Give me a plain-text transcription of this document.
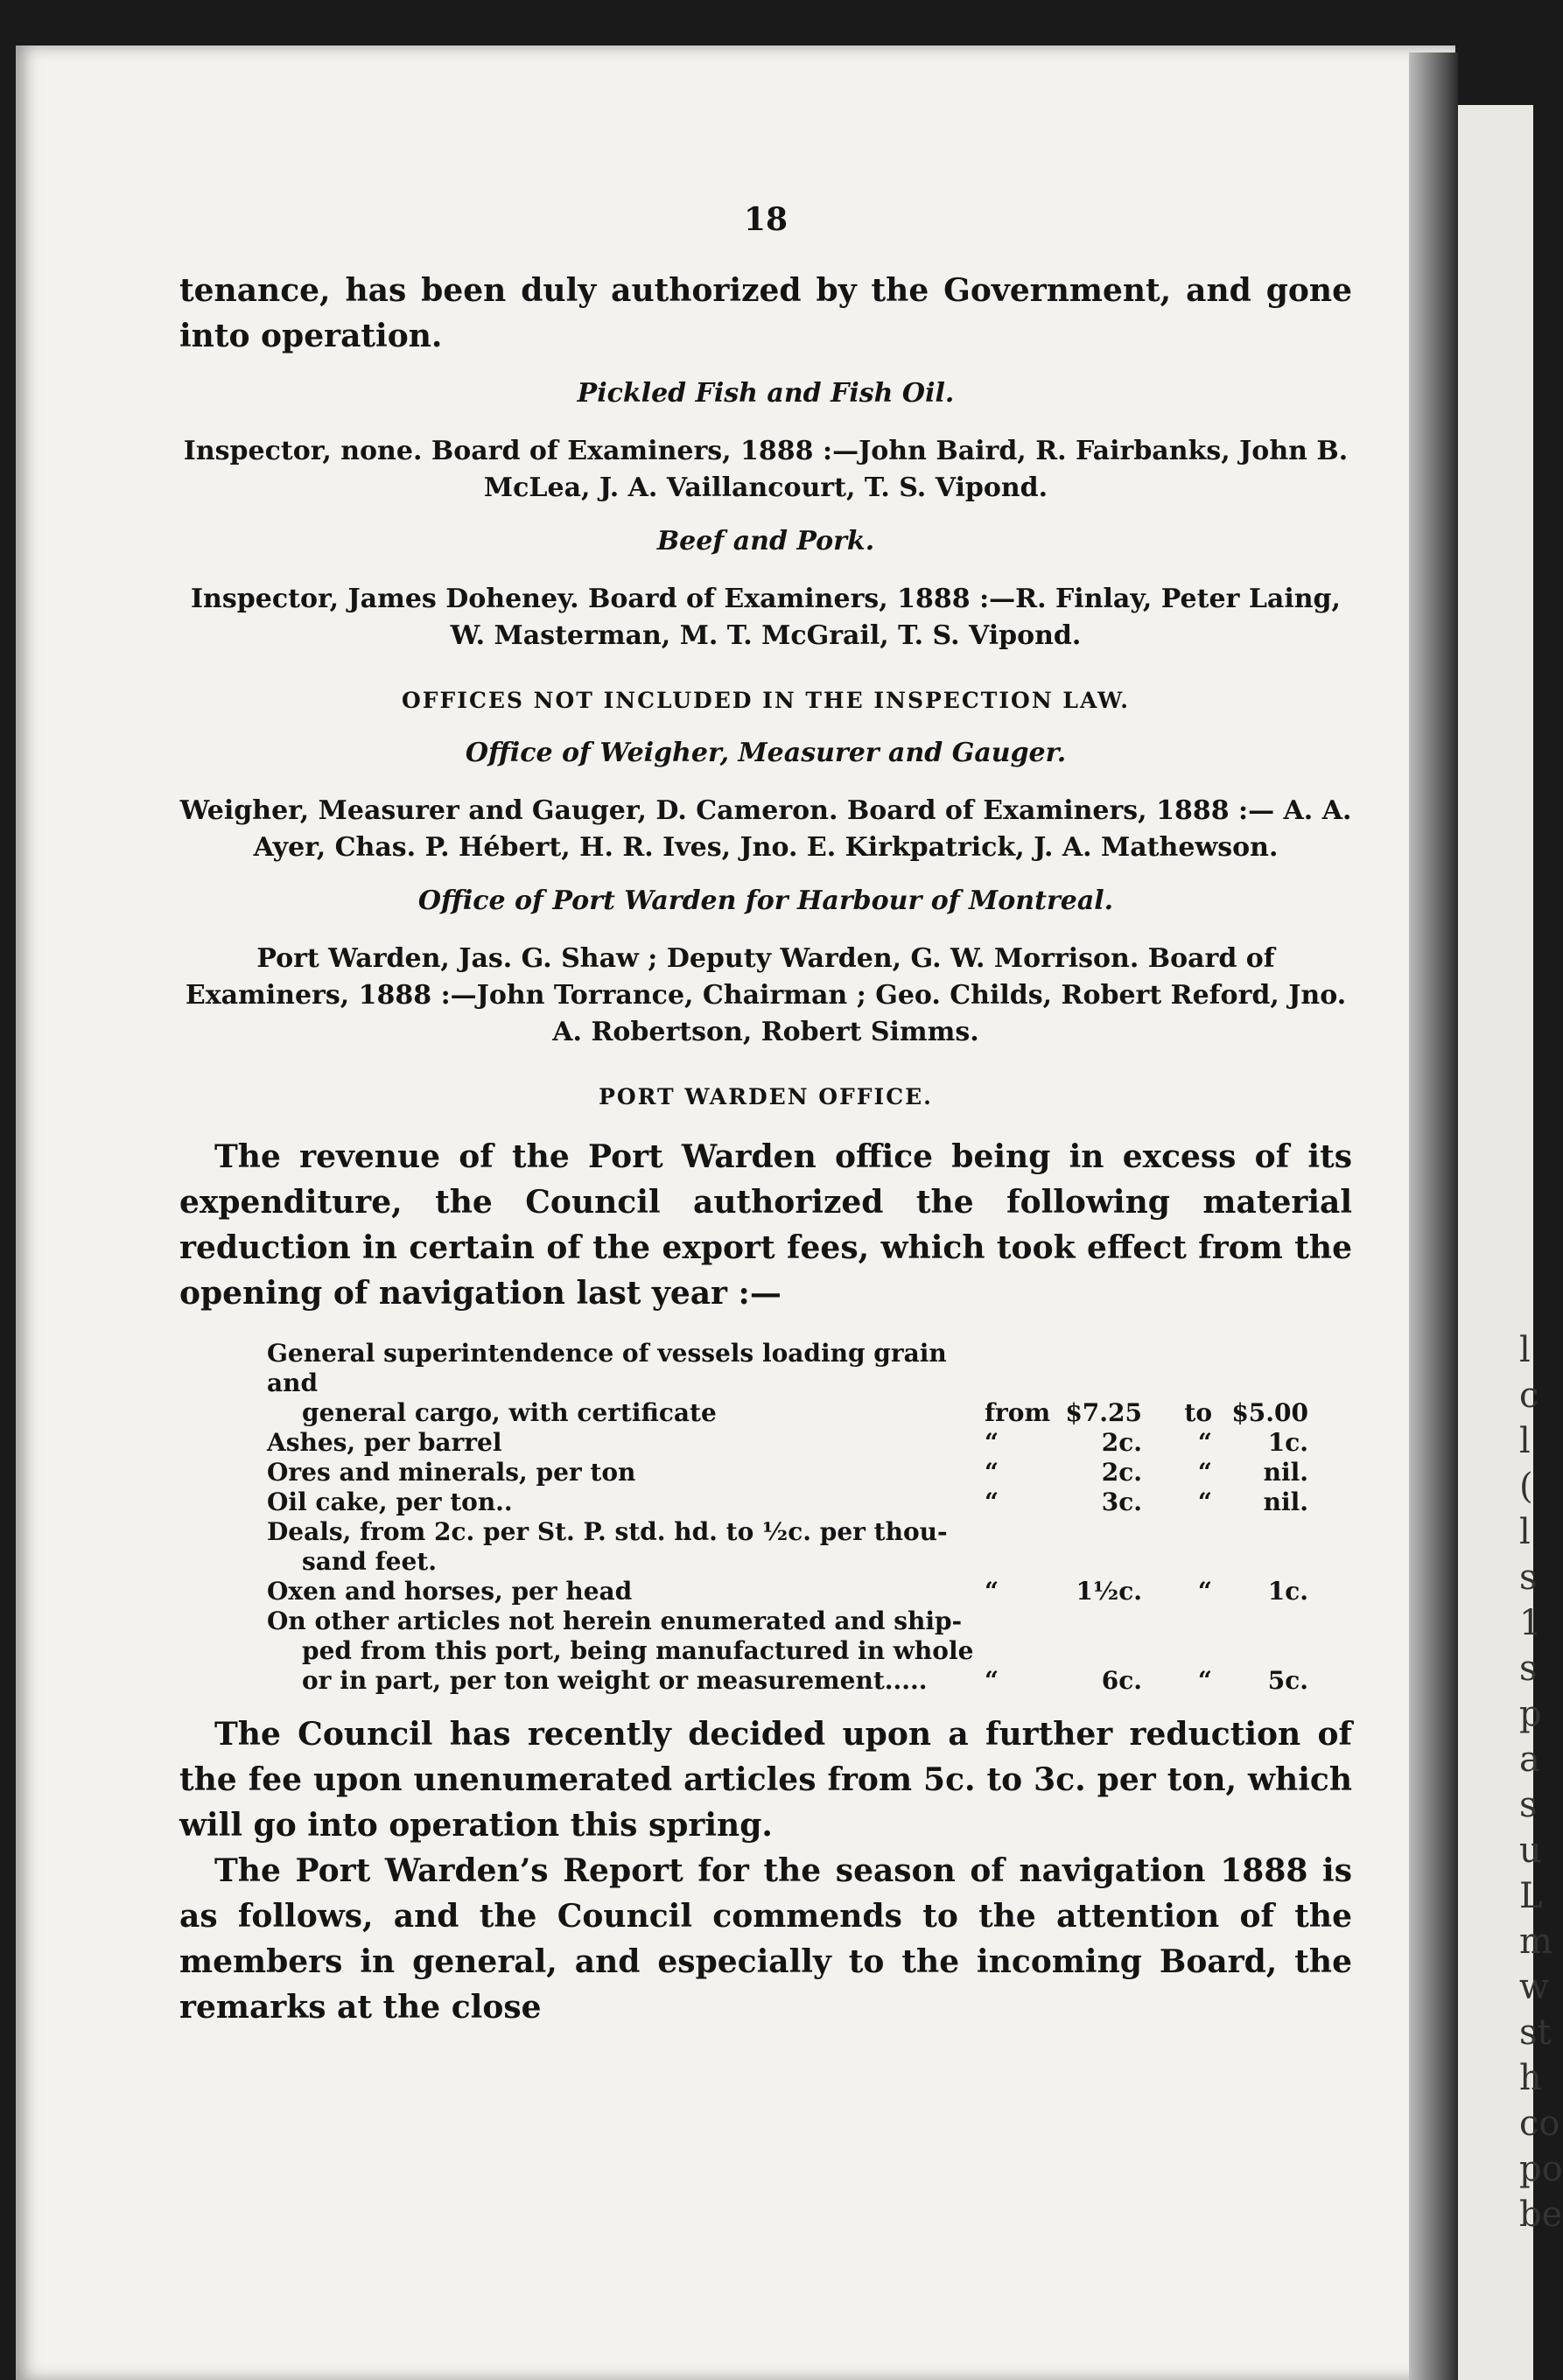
l
c
l
(
l
s
1
s
p
a
s
u
L
m
w
st
h
co
po
be
18

tenance, has been duly authorized by the Government, and gone into operation.

Pickled Fish and Fish Oil.

Inspector, none. Board of Examiners, 1888 :—John Baird, R. Fairbanks, John B. McLea, J. A. Vaillancourt, T. S. Vipond.

Beef and Pork.

Inspector, James Doheney. Board of Examiners, 1888 :—R. Finlay, Peter Laing, W. Masterman, M. T. McGrail, T. S. Vipond.

OFFICES NOT INCLUDED IN THE INSPECTION LAW.
Office of Weigher, Measurer and Gauger.

Weigher, Measurer and Gauger, D. Cameron. Board of Examiners, 1888 :— A. A. Ayer, Chas. P. Hébert, H. R. Ives, Jno. E. Kirkpatrick, J. A. Mathewson.

Office of Port Warden for Harbour of Montreal.

Port Warden, Jas. G. Shaw ; Deputy Warden, G. W. Morrison. Board of Examiners, 1888 :—John Torrance, Chairman ; Geo. Childs, Robert Reford, Jno. A. Robertson, Robert Simms.

PORT WARDEN OFFICE.

The revenue of the Port Warden office being in excess of its expenditure, the Council authorized the following material reduction in certain of the export fees, which took effect from the opening of navigation last year :—

General superintendence of vessels loading grain and
general cargo, with certificate	from $7.25	to $5.00
Ashes, per barrel	“	2c.	“	1c.
Ores and minerals, per ton	“	2c.	“	nil.
Oil cake, per ton..	“	3c.	“	nil.
Deals, from 2c. per St. P. std. hd. to ½c. per thou-
sand feet.
Oxen and horses, per head	“	1½c.	“	1c.
On other articles not herein enumerated and ship-
ped from this port, being manufactured in whole
or in part, per ton weight or measurement.....	“	6c.	“	5c.

The Council has recently decided upon a further reduction of the fee upon unenumerated articles from 5c. to 3c. per ton, which will go into operation this spring.

The Port Warden’s Report for the season of navigation 1888 is as follows, and the Council commends to the attention of the members in general, and especially to the incoming Board, the remarks at the close
